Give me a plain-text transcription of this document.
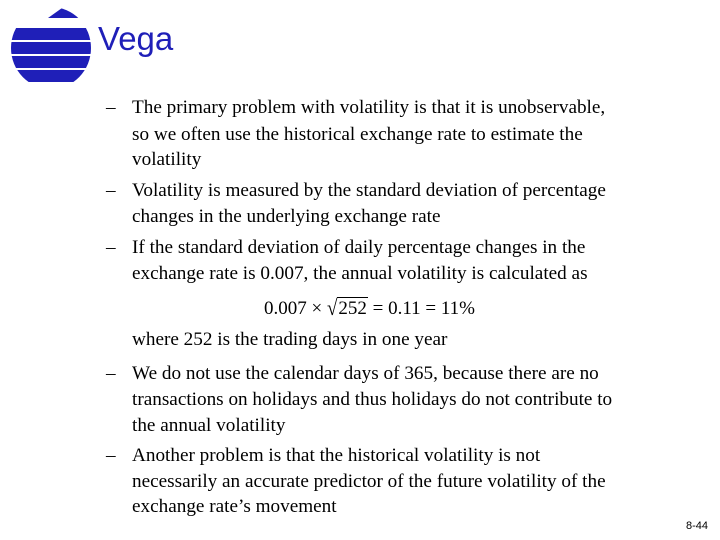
Vega
– The primary problem with volatility is that it is unobservable,
so we often use the historical exchange rate to estimate the
volatility
– Volatility is measured by the standard deviation of percentage
changes in the underlying exchange rate
– If the standard deviation of daily percentage changes in the
exchange rate is 0.007, the annual volatility is calculated as
0.007 × √252 = 0.11 = 11%
where 252 is the trading days in one year
– We do not use the calendar days of 365, because there are no
transactions on holidays and thus holidays do not contribute to
the annual volatility
– Another problem is that the historical volatility is not
necessarily an accurate predictor of the future volatility of the
exchange rate’s movement
8-44
